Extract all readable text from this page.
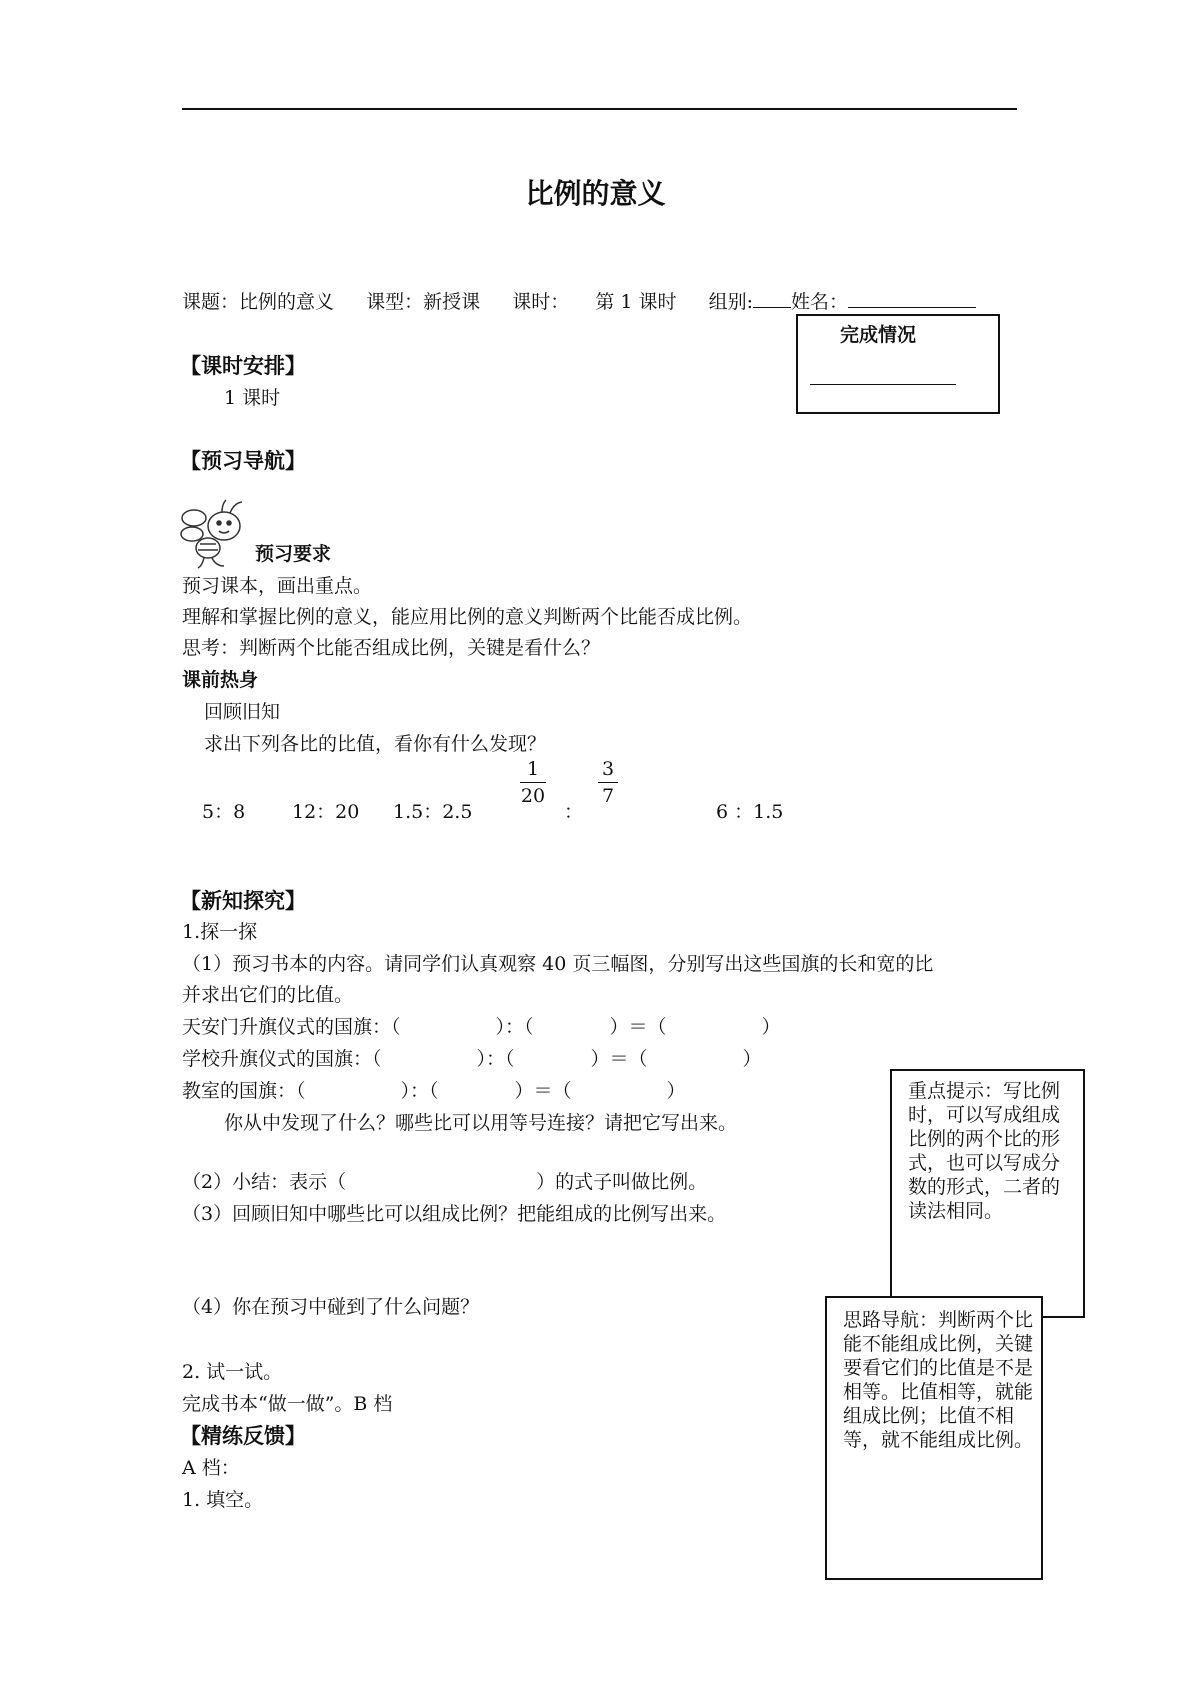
比例的意义
课题：比例的意义 课型：新授课 课时： 第 1 课时 组别: 姓名：
完成情况
【课时安排】
1 课时
【预习导航】
预习要求
预习课本，画出重点。
理解和掌握比例的意义，能应用比例的意义判断两个比能否成比例。
思考：判断两个比能否组成比例，关键是看什么？
课前热身
回顾旧知
求出下列各比的比值，看你有什么发现？
5：8 12：20 1.5：2.5
1
20
：
3
7
6 ：1.5
【新知探究】
1.探一探
（1）预习书本的内容。请同学们认真观察 40 页三幅图，分别写出这些国旗的长和宽的比
并求出它们的比值。
天安门升旗仪式的国旗：（　　　　　）：（　　　　）＝（　　　　　）
学校升旗仪式的国旗：（　　　　　）：（　　　　）＝（　　　　　）
教室的国旗：（　　　　　）：（　　　　）＝（　　　　　）
你从中发现了什么？哪些比可以用等号连接？请把它写出来。
（2）小结：表示（　　　　　　　　　　）的式子叫做比例。
（3）回顾旧知中哪些比可以组成比例？把能组成的比例写出来。
（4）你在预习中碰到了什么问题？
2. 试一试。
完成书本“做一做”。B 档
【精练反馈】
A 档：
1. 填空。
重点提示：写比例时，可以写成组成比例的两个比的形式，也可以写成分数的形式，二者的读法相同。
思路导航：判断两个比能不能组成比例，关键要看它们的比值是不是相等。比值相等，就能组成比例；比值不相等，就不能组成比例。
